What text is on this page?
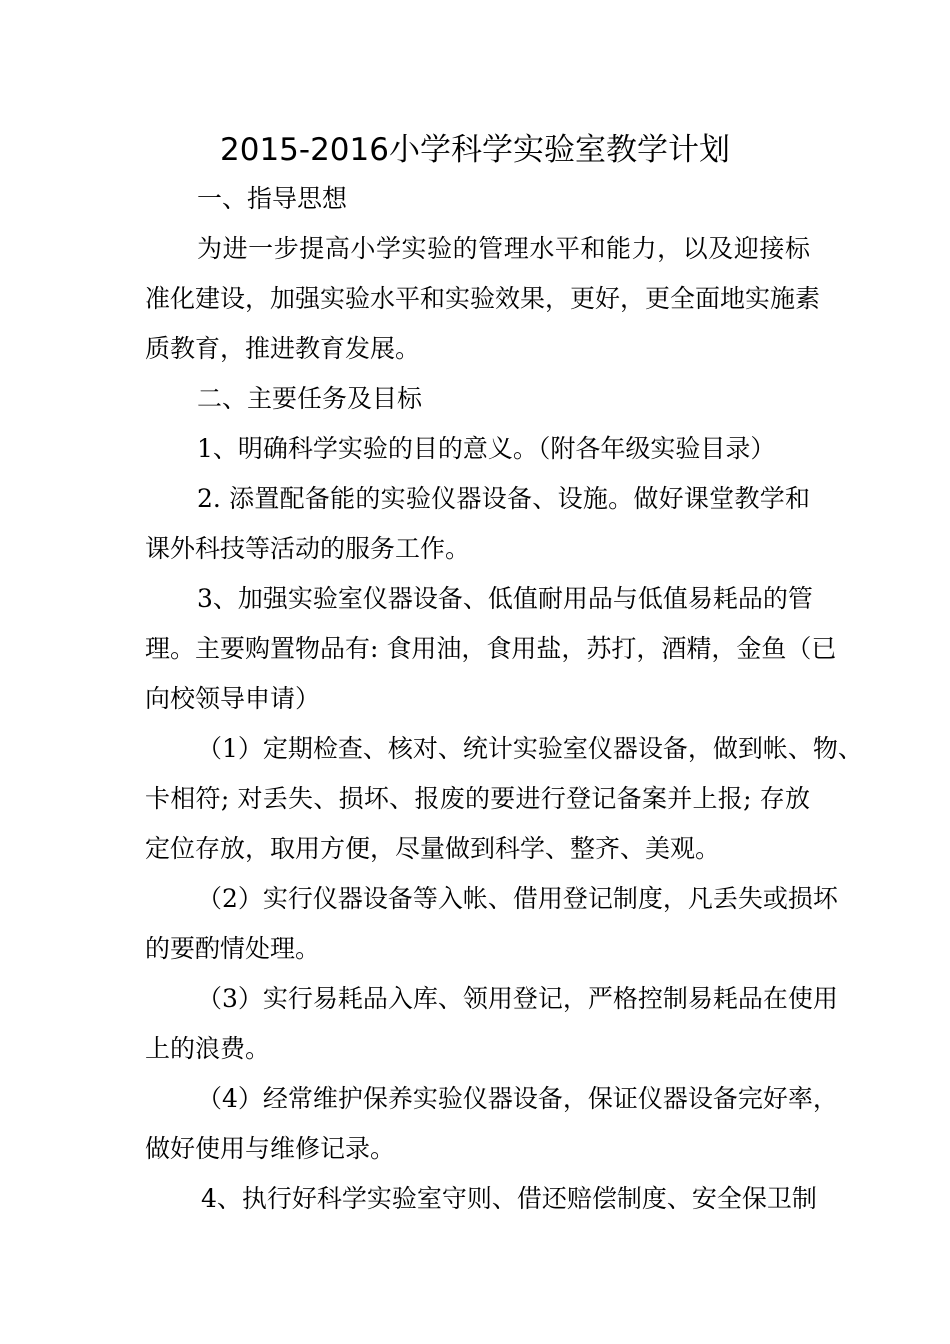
2015-2016小学科学实验室教学计划
一、指导思想
为进一步提高小学实验的管理水平和能力，以及迎接标
准化建设，加强实验水平和实验效果，更好，更全面地实施素
质教育，推进教育发展。
二、主要任务及目标
1、明确科学实验的目的意义。（附各年级实验目录）
2. 添置配备能的实验仪器设备、设施。做好课堂教学和
课外科技等活动的服务工作。
3、加强实验室仪器设备、低值耐用品与低值易耗品的管
理。主要购置物品有: 食用油，食用盐，苏打，酒精，金鱼（已
向校领导申请）
（1）定期检查、核对、统计实验室仪器设备，做到帐、物、
卡相符; 对丢失、损坏、报废的要进行登记备案并上报; 存放
定位存放，取用方便，尽量做到科学、整齐、美观。
（2）实行仪器设备等入帐、借用登记制度，凡丢失或损坏
的要酌情处理。
（3）实行易耗品入库、领用登记，严格控制易耗品在使用
上的浪费。
（4）经常维护保养实验仪器设备，保证仪器设备完好率，
做好使用与维修记录。
4、执行好科学实验室守则、借还赔偿制度、安全保卫制
